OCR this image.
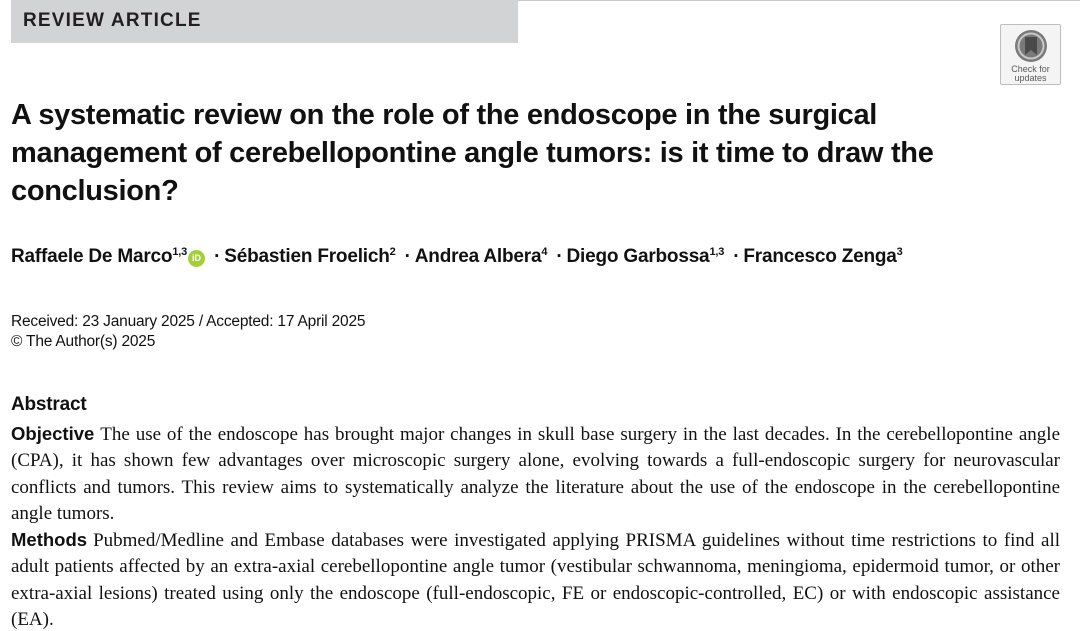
REVIEW ARTICLE
Check for
updates
A systematic review on the role of the endoscope in the surgical management of cerebellopontine angle tumors: is it time to draw the conclusion?
Raffaele De Marco$^{1,3}$ iD · Sébastien Froelich$^2$ · Andrea Albera$^4$ · Diego Garbossa$^{1,3}$ · Francesco Zenga$^3$
Received: 23 January 2025 / Accepted: 17 April 2025
© The Author(s) 2025
Abstract

Objective The use of the endoscope has brought major changes in skull base surgery in the last decades. In the cerebellopontine angle (CPA), it has shown few advantages over microscopic surgery alone, evolving towards a full-endoscopic surgery for neurovascular conflicts and tumors. This review aims to systematically analyze the literature about the use of the endoscope in the cerebellopontine angle tumors.

Methods Pubmed/Medline and Embase databases were investigated applying PRISMA guidelines without time restrictions to find all adult patients affected by an extra-axial cerebellopontine angle tumor (vestibular schwannoma, meningioma, epidermoid tumor, or other extra-axial lesions) treated using only the endoscope (full-endoscopic, FE or endoscopic-controlled, EC) or with endoscopic assistance (EA).
